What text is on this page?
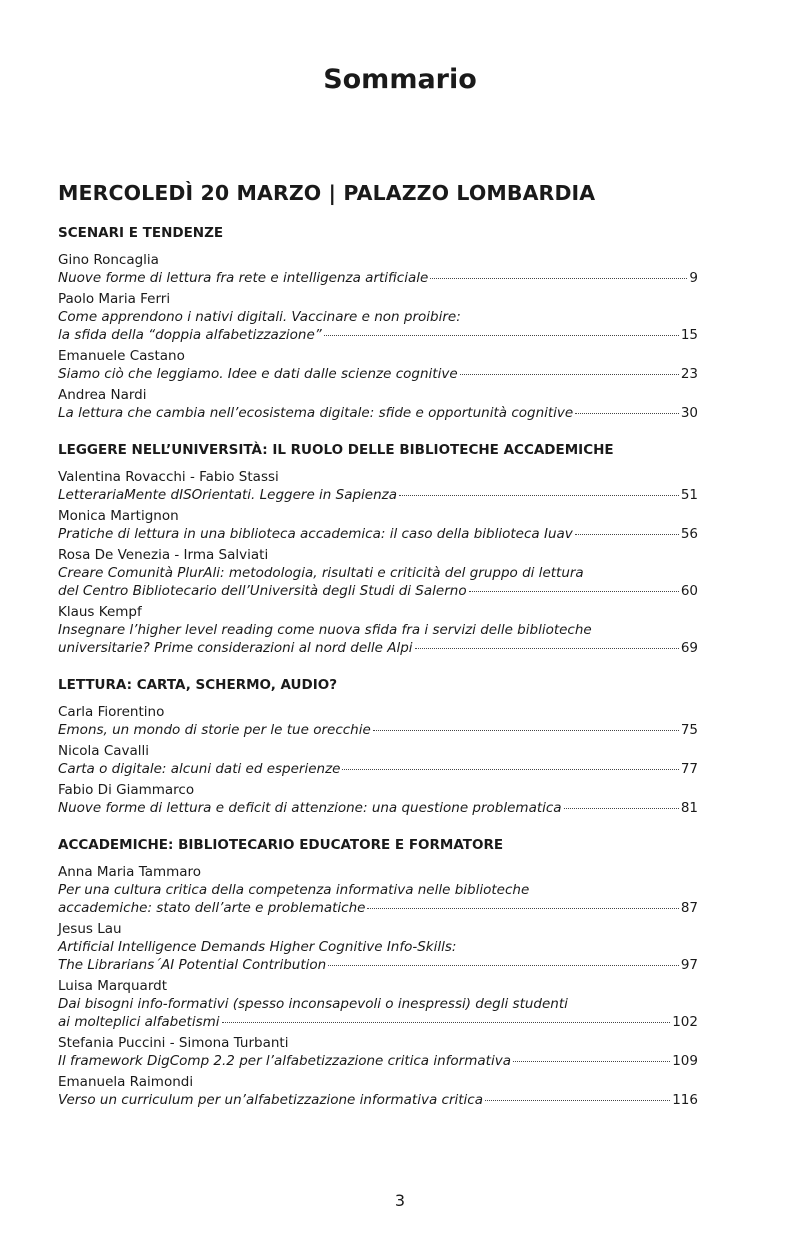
Sommario
MERCOLEDÌ 20 MARZO | PALAZZO LOMBARDIA
SCENARI E TENDENZE
Gino Roncaglia
Nuove forme di lettura fra rete e intelligenza artificiale	9
Paolo Maria Ferri
Come apprendono i nativi digitali. Vaccinare e non proibire:
la sfida della “doppia alfabetizzazione”	15
Emanuele Castano
Siamo ciò che leggiamo. Idee e dati dalle scienze cognitive	23
Andrea Nardi
La lettura che cambia nell’ecosistema digitale: sfide e opportunità cognitive	30
LEGGERE NELL’UNIVERSITÀ: IL RUOLO DELLE BIBLIOTECHE ACCADEMICHE
Valentina Rovacchi - Fabio Stassi
LetterariaMente dISOrientati. Leggere in Sapienza	51
Monica Martignon
Pratiche di lettura in una biblioteca accademica: il caso della biblioteca Iuav	56
Rosa De Venezia - Irma Salviati
Creare Comunità PlurAli: metodologia, risultati e criticità del gruppo di lettura
del Centro Bibliotecario dell’Università degli Studi di Salerno	60
Klaus Kempf
Insegnare l’higher level reading come nuova sfida fra i servizi delle biblioteche
universitarie? Prime considerazioni al nord delle Alpi	69
LETTURA: CARTA, SCHERMO, AUDIO?
Carla Fiorentino
Emons, un mondo di storie per le tue orecchie	75
Nicola Cavalli
Carta o digitale: alcuni dati ed esperienze	77
Fabio Di Giammarco
Nuove forme di lettura e deficit di attenzione: una questione problematica	81
ACCADEMICHE: BIBLIOTECARIO EDUCATORE E FORMATORE
Anna Maria Tammaro
Per una cultura critica della competenza informativa nelle biblioteche
accademiche: stato dell’arte e problematiche	87
Jesus Lau
Artificial Intelligence Demands Higher Cognitive Info-Skills:
The Librarians´AI Potential Contribution	97
Luisa Marquardt
Dai bisogni info-formativi (spesso inconsapevoli o inespressi) degli studenti
ai molteplici alfabetismi	102
Stefania Puccini - Simona Turbanti
Il framework DigComp 2.2 per l’alfabetizzazione critica informativa	109
Emanuela Raimondi
Verso un curriculum per un’alfabetizzazione informativa critica	116
3
